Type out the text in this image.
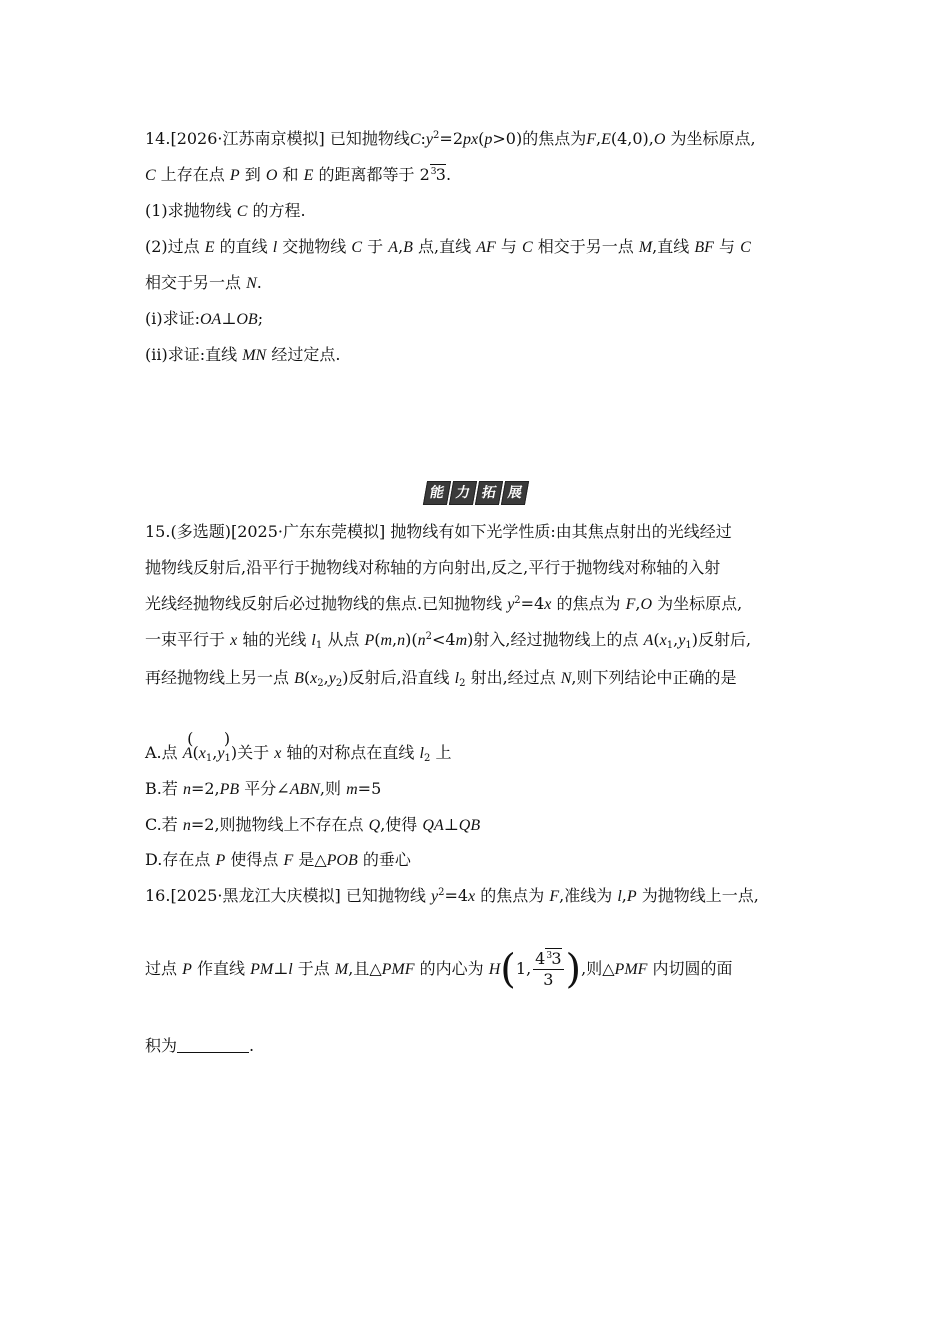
14.[2026·江苏南京模拟] 已知抛物线$C:y^2=2px(p>0)$的焦点为F,E(4,0),O 为坐标原点,
C 上存在点 P 到 O 和 E 的距离都等于 2 3 3.
(1)求抛物线 C 的方程.
(2)过点 E 的直线 l 交抛物线 C 于 A,B 点,直线 AF 与 C 相交于另一点 M,直线 BF 与 C
相交于另一点 N.
(i)求证:OA⊥OB;
(ii)求证:直线 MN 经过定点.
能 力 拓 展
15.(多选题)[2025·广东东莞模拟] 抛物线有如下光学性质:由其焦点射出的光线经过
抛物线反射后,沿平行于抛物线对称轴的方向射出,反之,平行于抛物线对称轴的入射
光线经抛物线反射后必过抛物线的焦点.已知抛物线 $y^2=4x$ 的焦点为 F,O 为坐标原点,
一束平行于 x 轴的光线 $l_1$ 从点 $P(m,n)(n^2<4m)$射入,经过抛物线上的点 $A(x_1,y_1)$反射后,
再经抛物线上另一点 $B(x_2,y_2)$反射后,沿直线 $l_2$ 射出,经过点 N,则下列结论中正确的是

(      )

A.点 $A(x_1,y_1)$关于 x 轴的对称点在直线 $l_2$ 上
B.若 n=2,PB 平分∠ABN,则 m=5
C.若 n=2,则抛物线上不存在点 Q,使得 QA⊥QB
D.存在点 P 使得点 F 是△POB 的垂心
16.[2025·黑龙江大庆模拟] 已知抛物线 $y^2=4x$ 的焦点为 F,准线为 l,P 为抛物线上一点,
过点 P 作直线 PM⊥l 于点 M,且△PMF 的内心为 H(1, $\frac{4 3 3}{3}$ ),则△PMF 内切圆的面
积为	.
